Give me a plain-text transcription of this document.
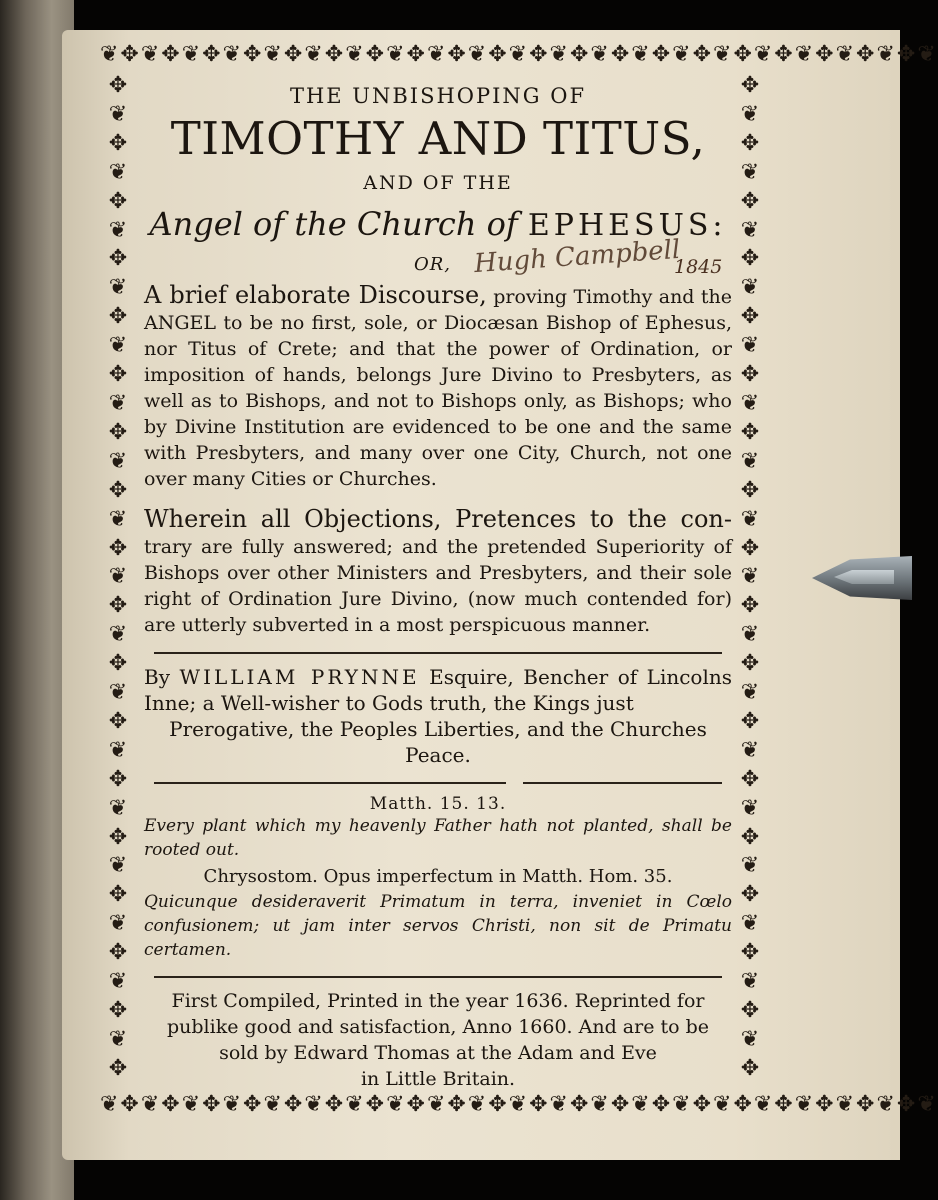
❦✥❦✥❦✥❦✥❦✥❦✥❦✥❦✥❦✥❦✥❦✥❦✥❦✥❦✥❦✥❦✥❦✥❦✥❦✥❦✥❦
❦✥❦✥❦✥❦✥❦✥❦✥❦✥❦✥❦✥❦✥❦✥❦✥❦✥❦✥❦✥❦✥❦✥❦✥❦✥❦✥❦
✥
❦
✥
❦
✥
❦
✥
❦
✥
❦
✥
❦
✥
❦
✥
❦
✥
❦
✥
❦
✥
❦
✥
❦
✥
❦
✥
❦
✥
❦
✥
❦
✥
❦
✥
✥
❦
✥
❦
✥
❦
✥
❦
✥
❦
✥
❦
✥
❦
✥
❦
✥
❦
✥
❦
✥
❦
✥
❦
✥
❦
✥
❦
✥
❦
✥
❦
✥
❦
✥
THE UNBISHOPING OF
TIMOTHY AND TITUS,
AND OF THE
Angel of the Church of EPHESUS:
OR, Hugh Campbell
1845
A brief elaborate Discourse, proving Timothy and the ANGEL to be no first, sole, or Diocæsan Bishop of Ephesus, nor Titus of Crete; and that the power of Ordination, or imposition of hands, belongs Jure Divino to Presbyters, as well as to Bishops, and not to Bishops only, as Bishops; who by Divine Institution are evidenced to be one and the same with Presbyters, and many over one City, Church, not one over many Cities or Churches.
Wherein all Objections, Pretences to the con- trary are fully answered; and the pretended Superiority of Bishops over other Ministers and Presbyters, and their sole right of Ordination Jure Divino, (now much contended for) are utterly subverted in a most perspicuous manner.
By WILLIAM PRYNNE Esquire, Bencher of Lincolns Inne; a Well-wisher to Gods truth, the Kings just
Prerogative, the Peoples Liberties, and the Churches Peace.
Matth. 15. 13.
Every plant which my heavenly Father hath not planted, shall be rooted out.
Chrysostom. Opus imperfectum in Matth. Hom. 35.
Quicunque desideraverit Primatum in terra, inveniet in Cœlo confusionem; ut jam inter servos Christi, non sit de Primatu certamen.
First Compiled, Printed in the year 1636. Reprinted for
publike good and satisfaction, Anno 1660. And are to be
sold by Edward Thomas at the Adam and Eve
in Little Britain.
